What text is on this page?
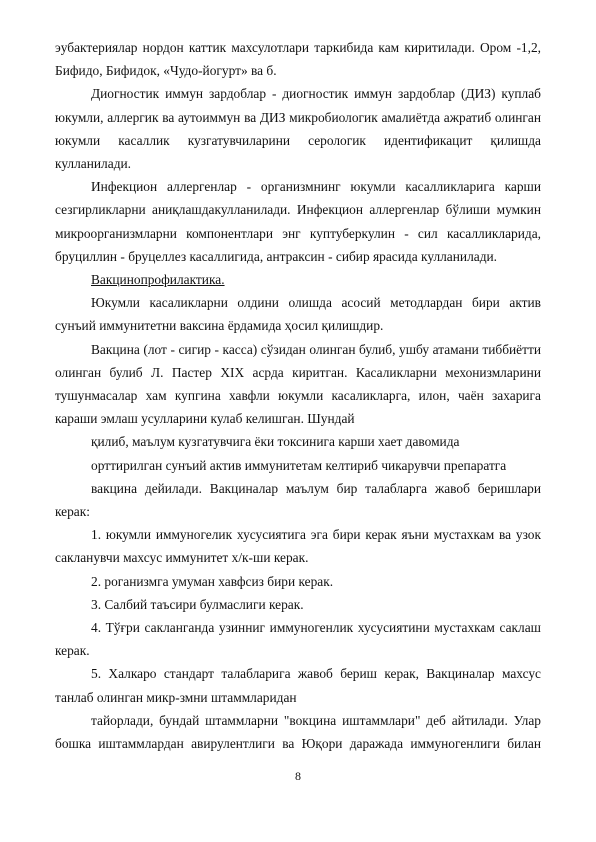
эубактериялар нордон каттик махсулотлари таркибида кам киритилади. Ором -1,2, Бифидо, Бифидок, «Чудо-йогурт» ва б.

Диогностик иммун зардоблар - диогностик иммун зардоблар (ДИЗ) куплаб юкумли, аллергик ва аутоиммун ва ДИЗ микробиологик амалиётда ажратиб олинган юкумли касаллик кузгатувчиларини серологик идентификацит қилишда кулланилади.

Инфекцион аллергенлар - организмнинг юкумли касалликларига карши сезгирликларни аниқлашдакулланилади. Инфекцион аллергенлар бўлиши мумкин микроорганизмларни компонентлари энг куптуберкулин - сил касалликларида, бруциллин - бруцеллез касаллигида, антраксин - сибир ярасида кулланилади.

Вакцинопрофилактика.

Юкумли касаликларни олдини олишда асосий методлардан бири актив сунъий иммунитетни вaксина ёрдамида ҳосил қилишдир.

Вакцина (лот - сигир - касса) сўзидан олинган булиб, ушбу атамани тиббиётти олинган булиб Л. Пастер XIX асрда киритган. Касаликларни мехонизмларини тушунмасалар хам купгина хавфли юкумли касаликларга, илон, чаён захарига караши эмлаш усулларини кулаб келишган. Шундай

қилиб, маълум кузгатувчига ёки токсинига карши хает давомида

орттирилган сунъий актив иммунитетам келтириб чикарувчи препаратга

вакцина дейилади. Вакциналар маълум бир талабларга жавоб беришлари керак:

1. юкумли иммуногелик хусусиятига эга бири керак яъни мустахкам ва узок сакланувчи махсус иммунитет х/к-ши керак.

2. роганизмга умуман хавфсиз бири керак.

3. Салбий таъсири булмаслиги керак.

4. Тўғри сакланганда узинниг иммуногенлик хусусиятини мустахкам саклаш керак.

5. Халкаро стандарт талабларига жавоб бериш керак, Вакциналар махсус танлаб олинган микр-змни штаммларидан

тайорлади, бундай штаммларни "вокцина иштаммлари" деб айтилади. Улар бошка иштаммлардан авирулентлиги ва Юқори даражада иммуногенлиги билан

8
